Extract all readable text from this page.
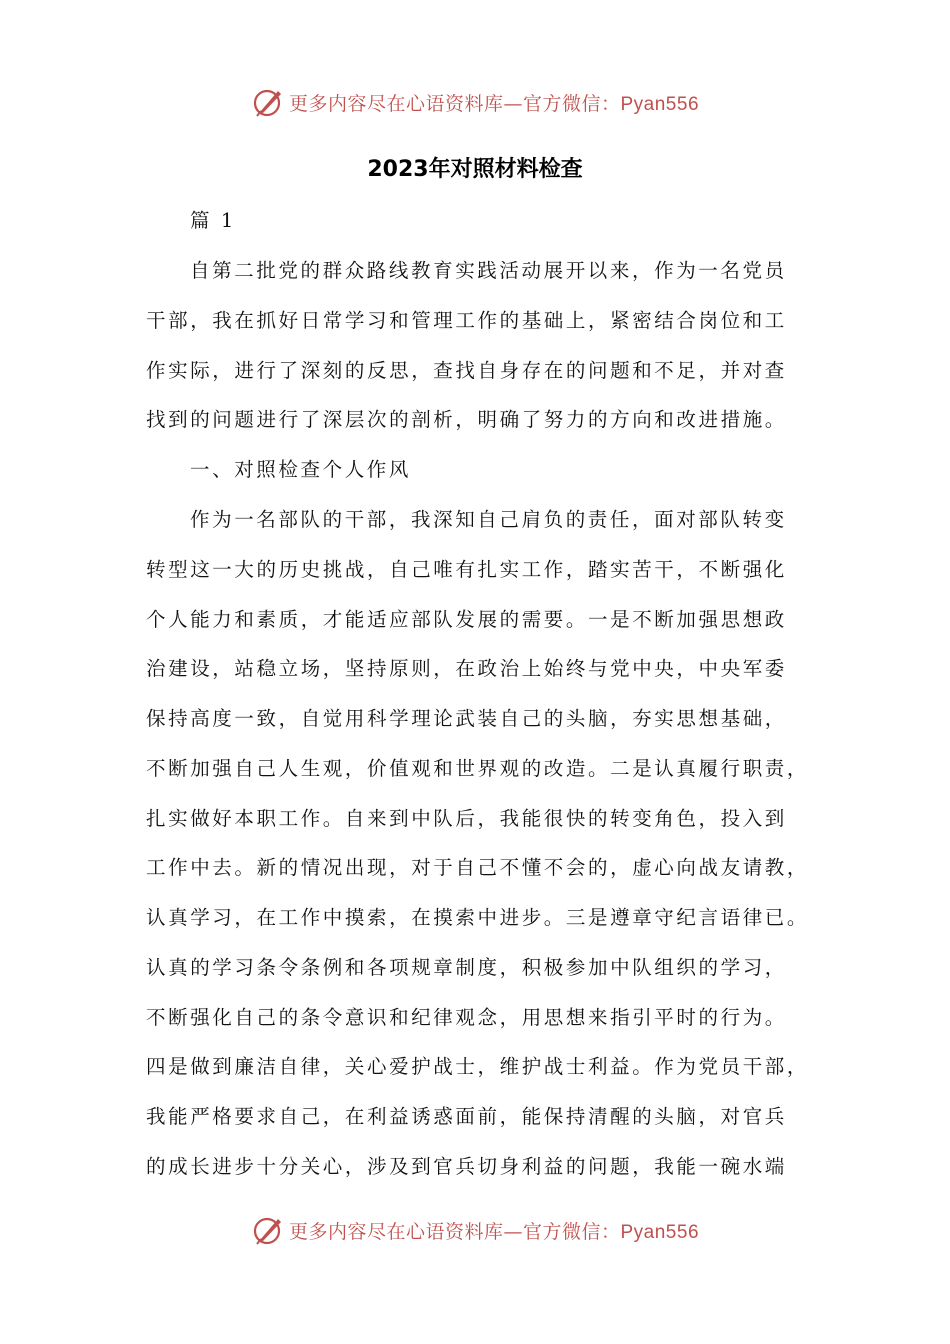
更多内容尽在心语资料库—官方微信：Pyan556
2023年对照材料检查
篇 1
自第二批党的群众路线教育实践活动展开以来，作为一名党员
干部，我在抓好日常学习和管理工作的基础上，紧密结合岗位和工
作实际，进行了深刻的反思，查找自身存在的问题和不足，并对查
找到的问题进行了深层次的剖析，明确了努力的方向和改进措施。
一、对照检查个人作风
作为一名部队的干部，我深知自己肩负的责任，面对部队转变
转型这一大的历史挑战，自己唯有扎实工作，踏实苦干，不断强化
个人能力和素质，才能适应部队发展的需要。一是不断加强思想政
治建设，站稳立场，坚持原则，在政治上始终与党中央，中央军委
保持高度一致，自觉用科学理论武装自己的头脑，夯实思想基础，
不断加强自己人生观，价值观和世界观的改造。二是认真履行职责，
扎实做好本职工作。自来到中队后，我能很快的转变角色，投入到
工作中去。新的情况出现，对于自己不懂不会的，虚心向战友请教，
认真学习，在工作中摸索，在摸索中进步。三是遵章守纪言语律已。
认真的学习条令条例和各项规章制度，积极参加中队组织的学习，
不断强化自己的条令意识和纪律观念，用思想来指引平时的行为。
四是做到廉洁自律，关心爱护战士，维护战士利益。作为党员干部，
我能严格要求自己，在利益诱惑面前，能保持清醒的头脑，对官兵
的成长进步十分关心，涉及到官兵切身利益的问题，我能一碗水端
更多内容尽在心语资料库—官方微信：Pyan556
